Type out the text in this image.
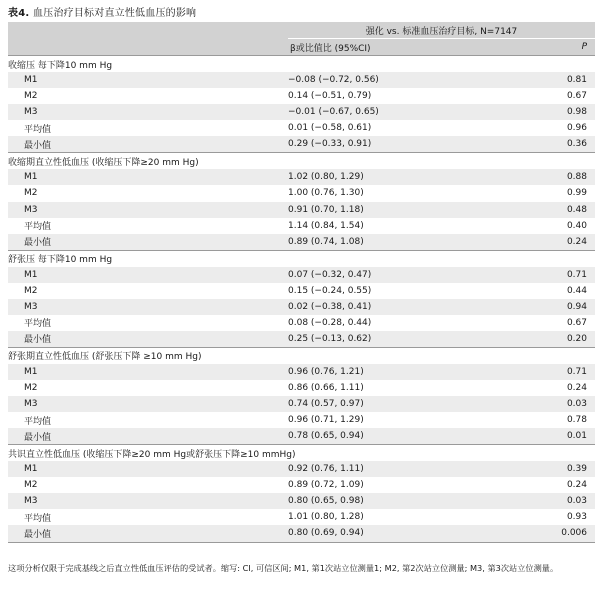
表4. 血压治疗目标对直立性低血压的影响
	强化 vs. 标准血压治疗目标, N=7147	
β或比值比 (95%CI)		P
收缩压 每下降10 mm Hg		
M1	−0.08 (−0.72, 0.56)	0.81
M2	0.14 (−0.51, 0.79)	0.67
M3	−0.01 (−0.67, 0.65)	0.98
平均值	0.01 (−0.58, 0.61)	0.96
最小值	0.29 (−0.33, 0.91)	0.36
收缩期直立性低血压 (收缩压下降≥20 mm Hg)		
M1	1.02 (0.80, 1.29)	0.88
M2	1.00 (0.76, 1.30)	0.99
M3	0.91 (0.70, 1.18)	0.48
平均值	1.14 (0.84, 1.54)	0.40
最小值	0.89 (0.74, 1.08)	0.24
舒张压 每下降10 mm Hg		
M1	0.07 (−0.32, 0.47)	0.71
M2	0.15 (−0.24, 0.55)	0.44
M3	0.02 (−0.38, 0.41)	0.94
平均值	0.08 (−0.28, 0.44)	0.67
最小值	0.25 (−0.13, 0.62)	0.20
舒张期直立性低血压 (舒张压下降 ≥10 mm Hg)		
M1	0.96 (0.76, 1.21)	0.71
M2	0.86 (0.66, 1.11)	0.24
M3	0.74 (0.57, 0.97)	0.03
平均值	0.96 (0.71, 1.29)	0.78
最小值	0.78 (0.65, 0.94)	0.01
共识直立性低血压 (收缩压下降≥20 mm Hg或舒张压下降≥10 mmHg)		
M1	0.92 (0.76, 1.11)	0.39
M2	0.89 (0.72, 1.09)	0.24
M3	0.80 (0.65, 0.98)	0.03
平均值	1.01 (0.80, 1.28)	0.93
最小值	0.80 (0.69, 0.94)	0.006
这项分析仅限于完成基线之后直立性低血压评估的受试者。缩写: CI, 可信区间; M1, 第1次站立位测量1; M2, 第2次站立位测量; M3, 第3次站立位测量。
